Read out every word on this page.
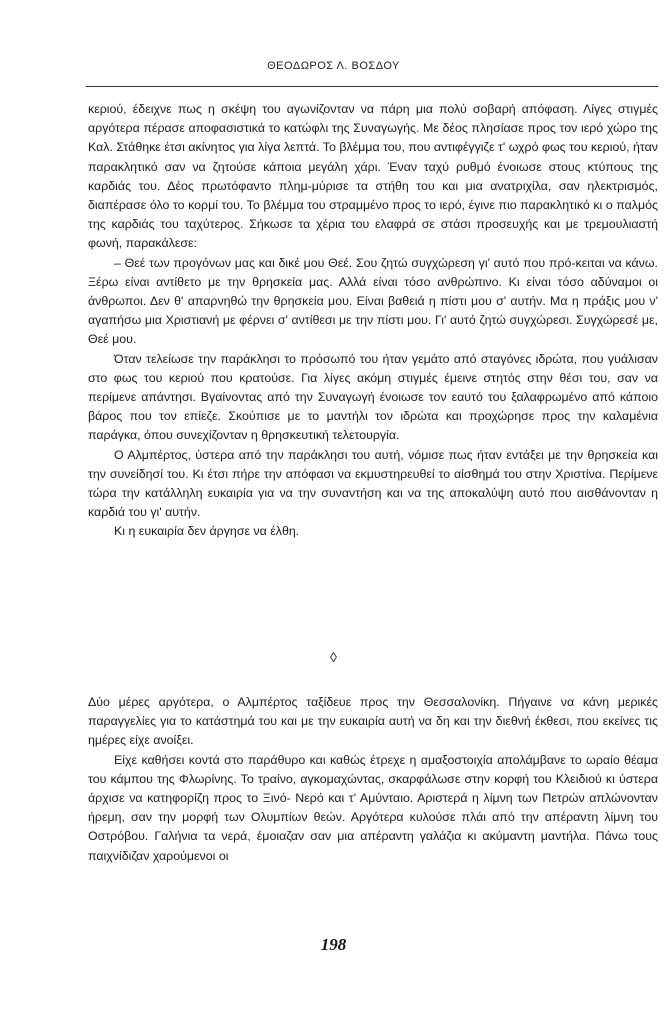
ΘΕΟΔΩΡΟΣ Λ. ΒΟΣΔΟΥ

κεριού, έδειχνε πως η σκέψη του αγωνίζονταν να πάρη μια πολύ σοβαρή απόφαση. Λίγες στιγμές αργότερα πέρασε αποφασιστικά το κατώφλι της Συναγωγής. Με δέος πλησίασε προς τον ιερό χώρο της Καλ. Στάθηκε έτσι ακίνητος για λίγα λεπτά. Το βλέμμα του, που αντιφέγγιζε τ' ωχρό φως του κεριού, ήταν παρακλητικό σαν να ζητούσε κάποια μεγάλη χάρι. Έναν ταχύ ρυθμό ένοιωσε στους κτύπους της καρδιάς του. Δέος πρωτόφαντο πλημ-μύρισε τα στήθη του και μια ανατριχίλα, σαν ηλεκτρισμός, διαπέρασε όλο το κορμί του. Το βλέμμα του στραμμένο προς το ιερό, έγινε πιο παρακλητικό κι ο παλμός της καρδιάς του ταχύτερος. Σήκωσε τα χέρια του ελαφρά σε στάσι προσευχής και με τρεμουλιαστή φωνή, παρακάλεσε:

– Θεέ των προγόνων μας και δικέ μου Θεέ. Σου ζητώ συγχώρεση γι' αυτό που πρό-κειται να κάνω. Ξέρω είναι αντίθετο με την θρησκεία μας. Αλλά είναι τόσο ανθρώπινο. Κι είναι τόσο αδύναμοι οι άνθρωποι. Δεν θ' απαρνηθώ την θρησκεία μου. Είναι βαθειά η πίστι μου σ' αυτήν. Μα η πράξις μου ν' αγαπήσω μια Χριστιανή με φέρνει σ' αντίθεσι με την πίστι μου. Γι' αυτό ζητώ συγχώρεσι. Συγχώρεσέ με, Θεέ μου.

Όταν τελείωσε την παράκλησι το πρόσωπό του ήταν γεμάτο από σταγόνες ιδρώτα, που γυάλισαν στο φως του κεριού που κρατούσε. Για λίγες ακόμη στιγμές έμεινε στητός στην θέσι του, σαν να περίμενε απάντησι. Βγαίνοντας από την Συναγωγή ένοιωσε τον εαυτό του ξαλαφρωμένο από κάποιο βάρος που τον επίεζε. Σκούπισε με το μαντήλι τον ιδρώτα και προχώρησε προς την καλαμένια παράγκα, όπου συνεχίζονταν η θρησκευτική τελετουργία.

Ο Αλμπέρτος, ύστερα από την παράκλησι του αυτή, νόμισε πως ήταν εντάξει με την θρησκεία και την συνείδησί του. Κι έτσι πήρε την απόφασι να εκμυστηρευθεί το αίσθημά του στην Χριστίνα. Περίμενε τώρα την κατάλληλη ευκαιρία για να την συναντήση και να της αποκαλύψη αυτό που αισθάνονταν η καρδιά του γι' αυτήν.

Κι η ευκαιρία δεν άργησε να έλθη.

◊

Δύο μέρες αργότερα, ο Αλμπέρτος ταξίδευε προς την Θεσσαλονίκη. Πήγαινε να κάνη μερικές παραγγελίες για το κατάστημά του και με την ευκαιρία αυτή να δη και την διεθνή έκθεσι, που εκείνες τις ημέρες είχε ανοίξει.

Είχε καθήσει κοντά στο παράθυρο και καθώς έτρεχε η αμαξοστοιχία απολάμβανε το ωραίο θέαμα του κάμπου της Φλωρίνης. Το τραίνο, αγκομαχώντας, σκαρφάλωσε στην κορφή του Κλειδιού κι ύστερα άρχισε να κατηφορίζη προς το Ξινό- Νερό και τ' Αμύνταιο. Αριστερά η λίμνη των Πετρών απλώνονταν ήρεμη, σαν την μορφή των Ολυμπίων θεών. Αργότερα κυλούσε πλάι από την απέραντη λίμνη του Οστρόβου. Γαλήνια τα νερά, έμοιαζαν σαν μια απέραντη γαλάζια κι ακύμαντη μαντήλα. Πάνω τους παιχνίδιζαν χαρούμενοι οι

198
